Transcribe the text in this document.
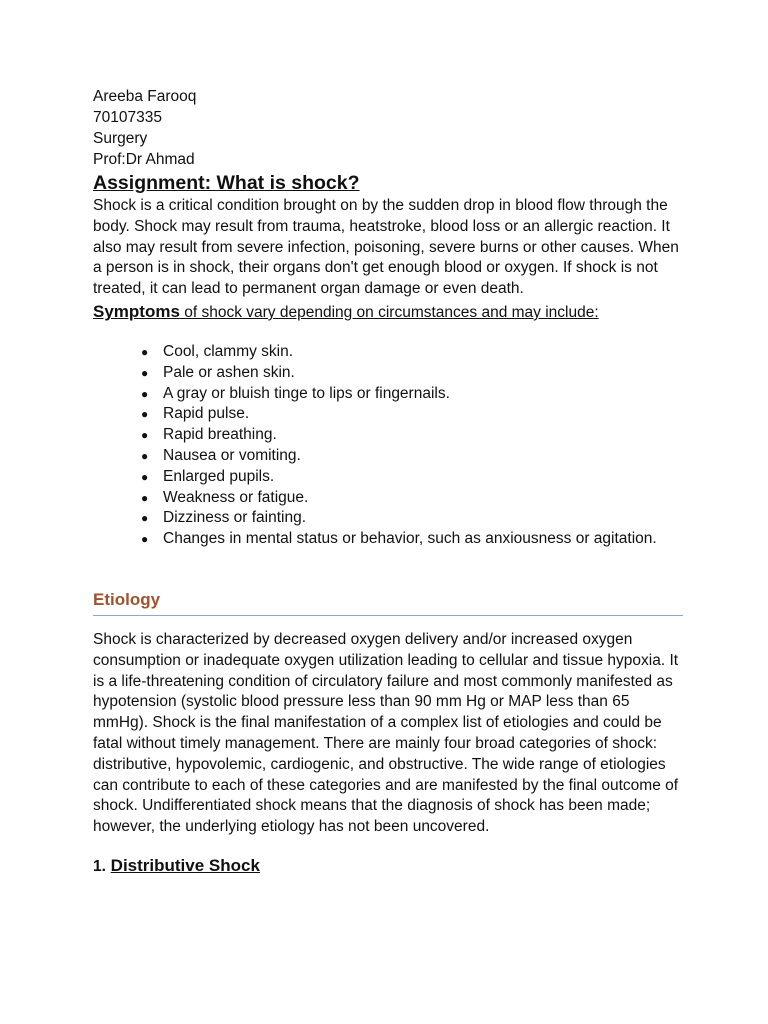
Areeba Farooq

70107335

Surgery

Prof:Dr Ahmad

Assignment: What is shock?

Shock is a critical condition brought on by the sudden drop in blood flow through the body. Shock may result from trauma, heatstroke, blood loss or an allergic reaction. It also may result from severe infection, poisoning, severe burns or other causes. When a person is in shock, their organs don't get enough blood or oxygen. If shock is not treated, it can lead to permanent organ damage or even death.

Symptoms of shock vary depending on circumstances and may include:

● Cool, clammy skin.
● Pale or ashen skin.
● A gray or bluish tinge to lips or fingernails.
● Rapid pulse.
● Rapid breathing.
● Nausea or vomiting.
● Enlarged pupils.
● Weakness or fatigue.
● Dizziness or fainting.
● Changes in mental status or behavior, such as anxiousness or agitation.
Etiology

Shock is characterized by decreased oxygen delivery and/or increased oxygen consumption or inadequate oxygen utilization leading to cellular and tissue hypoxia. It is a life-threatening condition of circulatory failure and most commonly manifested as hypotension (systolic blood pressure less than 90 mm Hg or MAP less than 65 mmHg). Shock is the final manifestation of a complex list of etiologies and could be fatal without timely management. There are mainly four broad categories of shock: distributive, hypovolemic, cardiogenic, and obstructive. The wide range of etiologies can contribute to each of these categories and are manifested by the final outcome of shock. Undifferentiated shock means that the diagnosis of shock has been made; however, the underlying etiology has not been uncovered.

1. Distributive Shock
